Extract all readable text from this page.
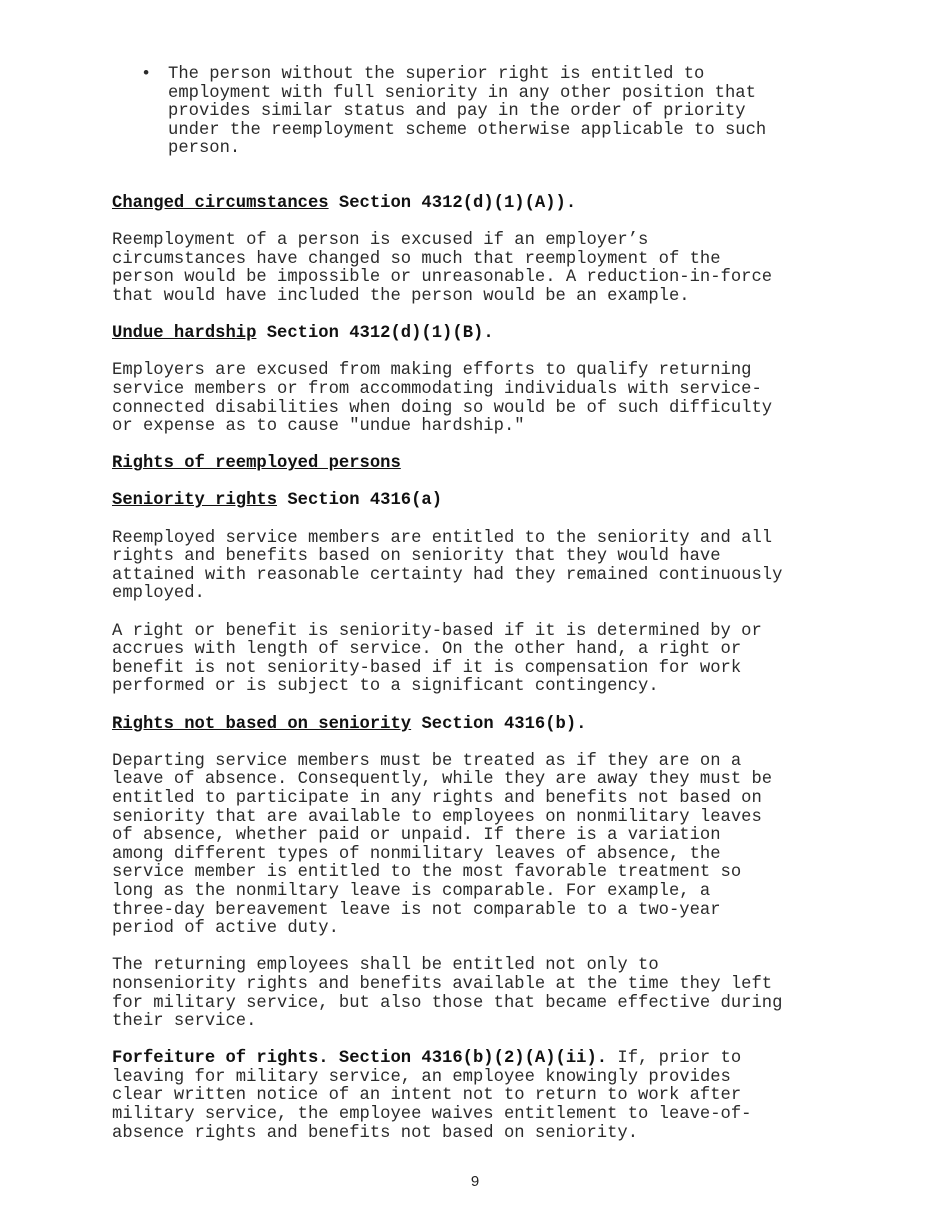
• The person without the superior right is entitled to
employment with full seniority in any other position that
provides similar status and pay in the order of priority
under the reemployment scheme otherwise applicable to such
person.
Changed circumstances Section 4312(d)(1)(A)).
Reemployment of a person is excused if an employer’s
circumstances have changed so much that reemployment of the
person would be impossible or unreasonable. A reduction-in-force
that would have included the person would be an example.
Undue hardship Section 4312(d)(1)(B).
Employers are excused from making efforts to qualify returning
service members or from accommodating individuals with service-
connected disabilities when doing so would be of such difficulty
or expense as to cause "undue hardship."
Rights of reemployed persons
Seniority rights Section 4316(a)
Reemployed service members are entitled to the seniority and all
rights and benefits based on seniority that they would have
attained with reasonable certainty had they remained continuously
employed.
A right or benefit is seniority-based if it is determined by or
accrues with length of service. On the other hand, a right or
benefit is not seniority-based if it is compensation for work
performed or is subject to a significant contingency.
Rights not based on seniority Section 4316(b).
Departing service members must be treated as if they are on a
leave of absence. Consequently, while they are away they must be
entitled to participate in any rights and benefits not based on
seniority that are available to employees on nonmilitary leaves
of absence, whether paid or unpaid. If there is a variation
among different types of nonmilitary leaves of absence, the
service member is entitled to the most favorable treatment so
long as the nonmiltary leave is comparable. For example, a
three-day bereavement leave is not comparable to a two-year
period of active duty.
The returning employees shall be entitled not only to
nonseniority rights and benefits available at the time they left
for military service, but also those that became effective during
their service.
Forfeiture of rights. Section 4316(b)(2)(A)(ii). If, prior to
leaving for military service, an employee knowingly provides
clear written notice of an intent not to return to work after
military service, the employee waives entitlement to leave-of-
absence rights and benefits not based on seniority.
9
